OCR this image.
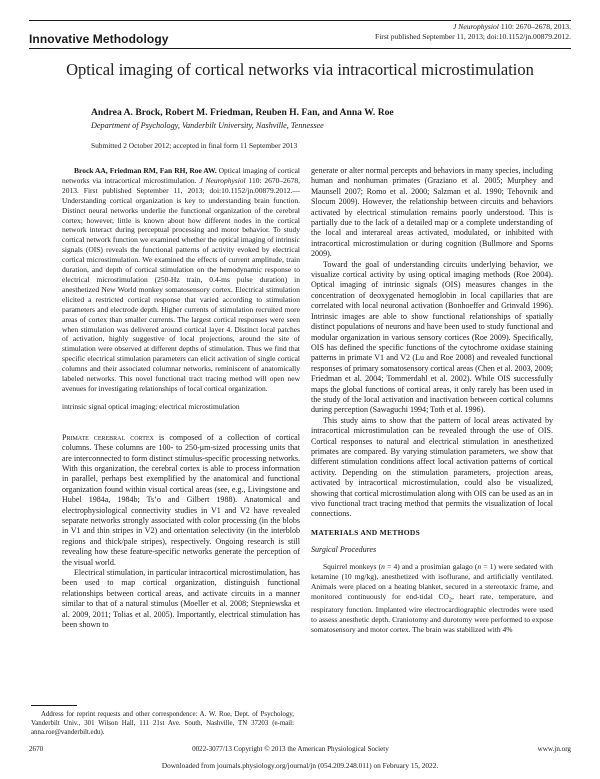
Innovative Methodology
J Neurophysiol 110: 2670–2678, 2013.
First published September 11, 2013; doi:10.1152/jn.00879.2012.
Optical imaging of cortical networks via intracortical microstimulation
Andrea A. Brock, Robert M. Friedman, Reuben H. Fan, and Anna W. Roe
Department of Psychology, Vanderbilt University, Nashville, Tennessee
Submitted 2 October 2012; accepted in final form 11 September 2013

Brock AA, Friedman RM, Fan RH, Roe AW. Optical imaging of cortical networks via intracortical microstimulation. J Neurophysiol 110: 2670–2678, 2013. First published September 11, 2013; doi:10.1152/jn.00879.2012.—Understanding cortical organization is key to understanding brain function. Distinct neural networks underlie the functional organization of the cerebral cortex; however, little is known about how different nodes in the cortical network interact during perceptual processing and motor behavior. To study cortical network function we examined whether the optical imaging of intrinsic signals (OIS) reveals the functional patterns of activity evoked by electrical cortical microstimulation. We examined the effects of current amplitude, train duration, and depth of cortical stimulation on the hemodynamic response to electrical microstimulation (250-Hz train, 0.4-ms pulse duration) in anesthetized New World monkey somatosensory cortex. Electrical stimulation elicited a restricted cortical response that varied according to stimulation parameters and electrode depth. Higher currents of stimulation recruited more areas of cortex than smaller currents. The largest cortical responses were seen when stimulation was delivered around cortical layer 4. Distinct local patches of activation, highly suggestive of local projections, around the site of stimulation were observed at different depths of stimulation. Thus we find that specific electrical stimulation parameters can elicit activation of single cortical columns and their associated columnar networks, reminiscent of anatomically labeled networks. This novel functional tract tracing method will open new avenues for investigating relationships of local cortical organization.

intrinsic signal optical imaging; electrical microstimulation

Primate cerebral cortex is composed of a collection of cortical columns. These columns are 100- to 250-μm-sized processing units that are interconnected to form distinct stimulus-specific processing networks. With this organization, the cerebral cortex is able to process information in parallel, perhaps best exemplified by the anatomical and functional organization found within visual cortical areas (see, e.g., Livingstone and Hubel 1984a, 1984b; Ts’o and Gilbert 1988). Anatomical and electrophysiological connectivity studies in V1 and V2 have revealed separate networks strongly associated with color processing (in the blobs in V1 and thin stripes in V2) and orientation selectivity (in the interblob regions and thick/pale stripes), respectively. Ongoing research is still revealing how these feature-specific networks generate the perception of the visual world.

Electrical stimulation, in particular intracortical microstimulation, has been used to map cortical organization, distinguish functional relationships between cortical areas, and activate circuits in a manner similar to that of a natural stimulus (Moeller et al. 2008; Stepniewska et al. 2009, 2011; Tolias et al. 2005). Importantly, electrical stimulation has been shown to

generate or alter normal percepts and behaviors in many species, including human and nonhuman primates (Graziano et al. 2005; Murphey and Maunsell 2007; Romo et al. 2000; Salzman et al. 1990; Tehovnik and Slocum 2009). However, the relationship between circuits and behaviors activated by electrical stimulation remains poorly understood. This is partially due to the lack of a detailed map or a complete understanding of the local and interareal areas activated, modulated, or inhibited with intracortical microstimulation or during cognition (Bullmore and Sporns 2009).

Toward the goal of understanding circuits underlying behavior, we visualize cortical activity by using optical imaging methods (Roe 2004). Optical imaging of intrinsic signals (OIS) measures changes in the concentration of deoxygenated hemoglobin in local capillaries that are correlated with local neuronal activation (Bonhoeffer and Grinvald 1996). Intrinsic images are able to show functional relationships of spatially distinct populations of neurons and have been used to study functional and modular organization in various sensory cortices (Roe 2009). Specifically, OIS has defined the specific functions of the cytochrome oxidase staining patterns in primate V1 and V2 (Lu and Roe 2008) and revealed functional responses of primary somatosensory cortical areas (Chen et al. 2003, 2009; Friedman et al. 2004; Tommerdahl et al. 2002). While OIS successfully maps the global functions of cortical areas, it only rarely has been used in the study of the local activation and inactivation between cortical columns during perception (Sawaguchi 1994; Toth et al. 1996).

This study aims to show that the pattern of local areas activated by intracortical microstimulation can be revealed through the use of OIS. Cortical responses to natural and electrical stimulation in anesthetized primates are compared. By varying stimulation parameters, we show that different stimulation conditions affect local activation patterns of cortical activity. Depending on the stimulation parameters, projection areas, activated by intracortical microstimulation, could also be visualized, showing that cortical microstimulation along with OIS can be used as an in vivo functional tract tracing method that permits the visualization of local connections.

MATERIALS AND METHODS

Surgical Procedures

Squirrel monkeys (n = 4) and a prosimian galago (n = 1) were sedated with ketamine (10 mg/kg), anesthetized with isoflurane, and artificially ventilated. Animals were placed on a heating blanket, secured in a stereotaxic frame, and monitored continuously for end-tidal $CO_2$, heart rate, temperature, and respiratory function. Implanted wire electrocardiographic electrodes were used to assess anesthetic depth. Craniotomy and durotomy were performed to expose somatosensory and motor cortex. The brain was stabilized with 4%

Address for reprint requests and other correspondence: A. W. Roe, Dept. of Psychology, Vanderbilt Univ., 301 Wilson Hall, 111 21st Ave. South, Nashville, TN 37203 (e-mail: anna.roe@vanderbilt.edu).
2670	0022-3077/13 Copyright © 2013 the American Physiological Society	www.jn.org
Downloaded from journals.physiology.org/journal/jn (054.209.248.011) on February 15, 2022.
